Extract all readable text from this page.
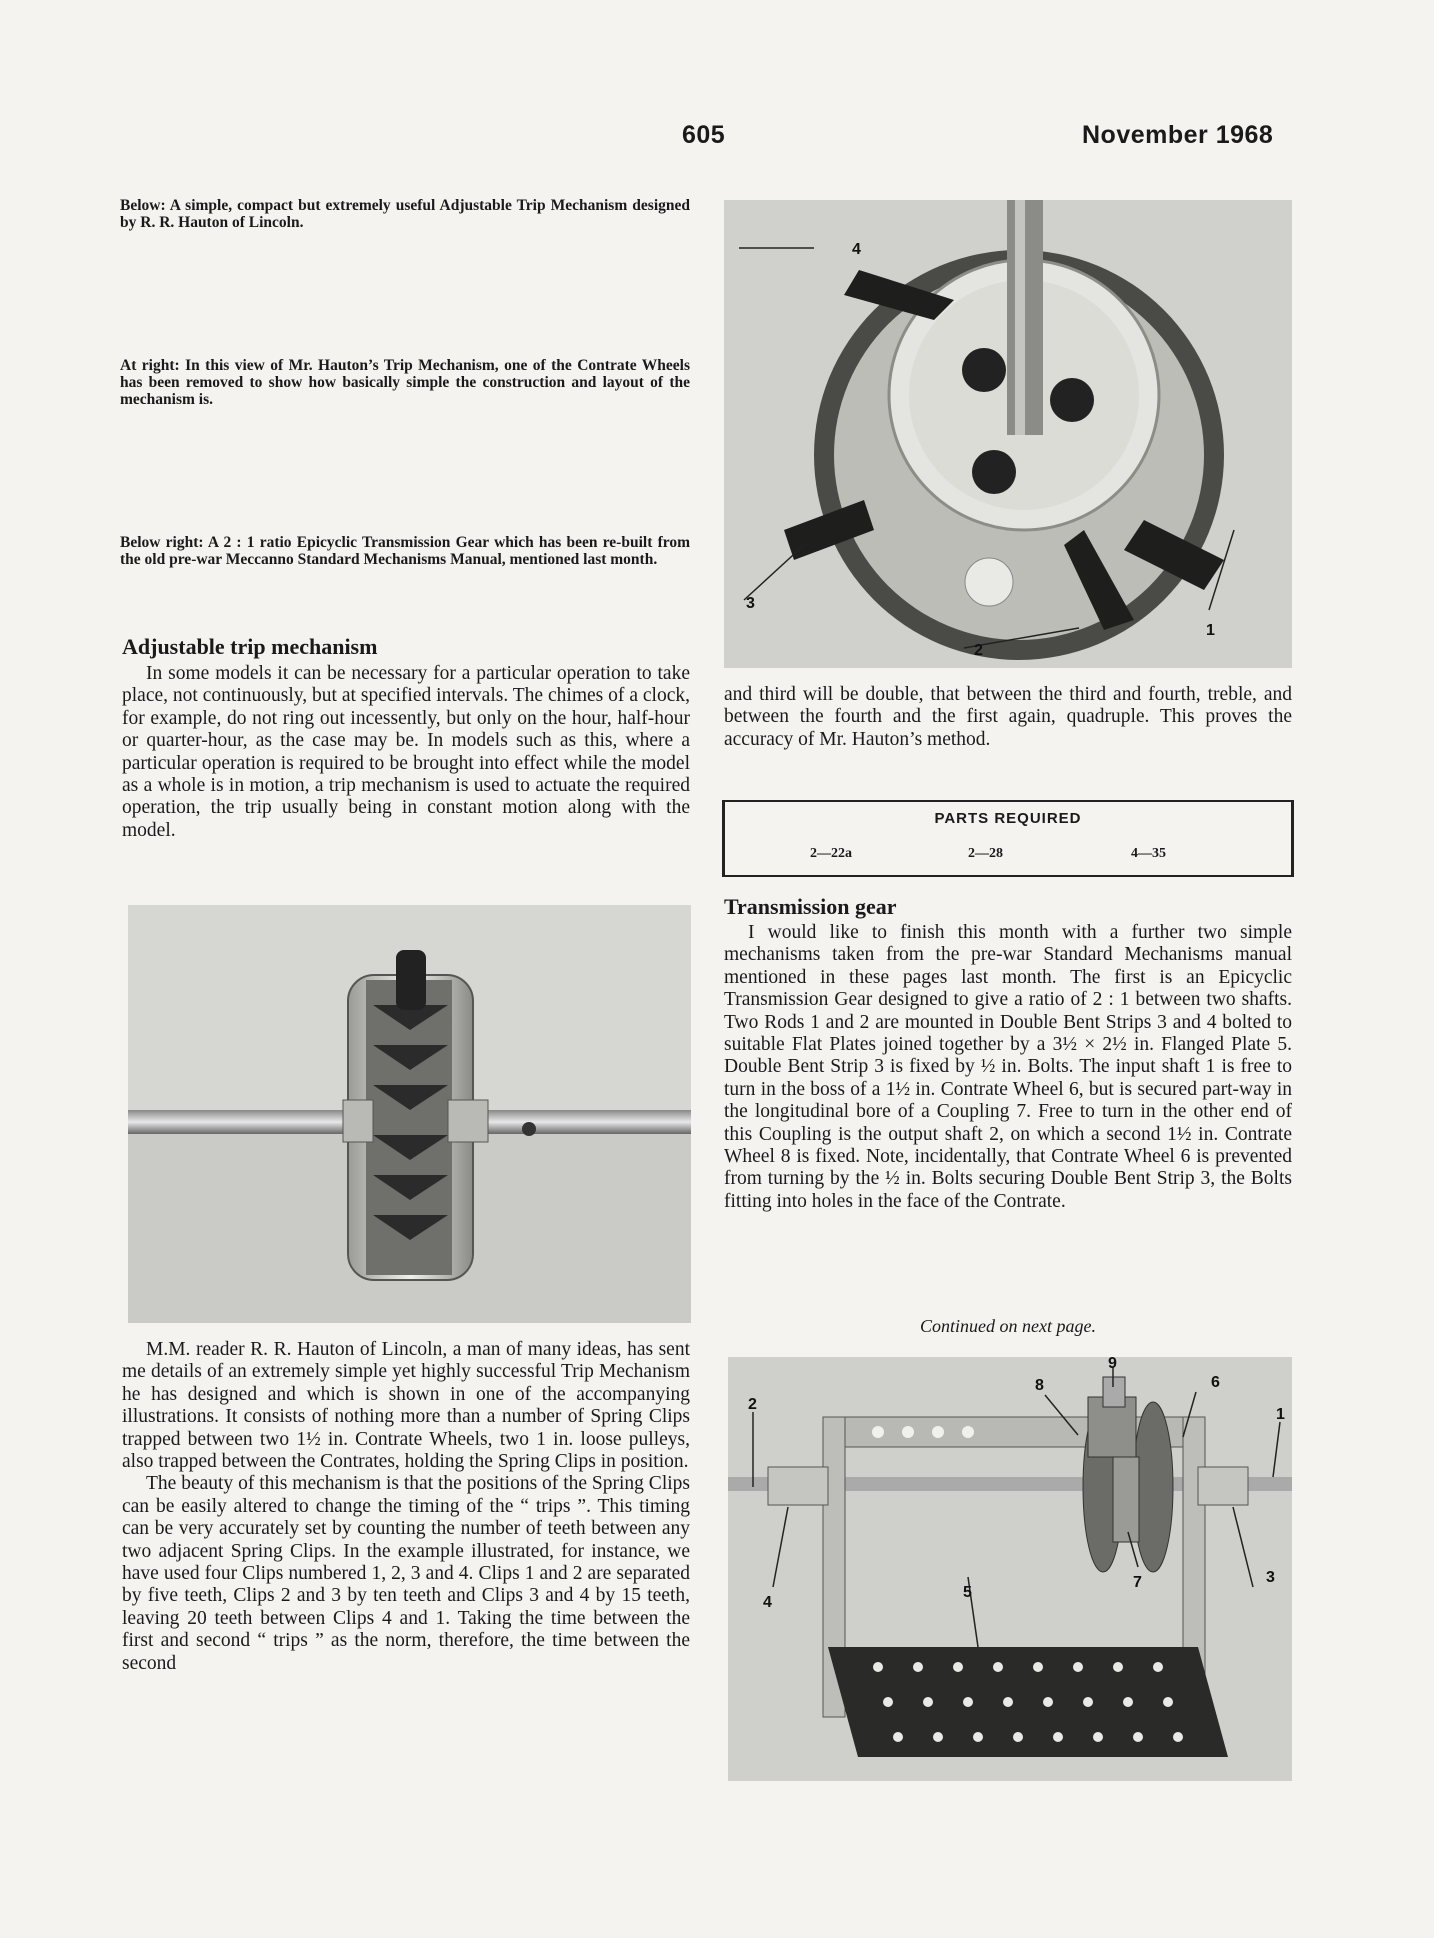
605	November 1968
Below: A simple, compact but extremely useful Adjustable Trip Mechanism designed by R. R. Hauton of Lincoln.
At right: In this view of Mr. Hauton’s Trip Mechanism, one of the Contrate Wheels has been removed to show how basically simple the construction and layout of the mechanism is.
Below right: A 2 : 1 ratio Epicyclic Transmission Gear which has been re-built from the old pre-war Meccanno Standard Mechanisms Manual, mentioned last month.
Adjustable trip mechanism

In some models it can be necessary for a particular operation to take place, not continuously, but at specified intervals. The chimes of a clock, for example, do not ring out incessently, but only on the hour, half-hour or quarter-hour, as the case may be. In models such as this, where a particular operation is required to be brought into effect while the model as a whole is in motion, a trip mechanism is used to actuate the required operation, the trip usually being in constant motion along with the model.

M.M. reader R. R. Hauton of Lincoln, a man of many ideas, has sent me details of an extremely simple yet highly successful Trip Mechanism he has designed and which is shown in one of the accompanying illustrations. It consists of nothing more than a number of Spring Clips trapped between two 1½ in. Contrate Wheels, two 1 in. loose pulleys, also trapped between the Contrates, holding the Spring Clips in position.

The beauty of this mechanism is that the positions of the Spring Clips can be easily altered to change the timing of the “ trips ”. This timing can be very accurately set by counting the number of teeth between any two adjacent Spring Clips. In the example illustrated, for instance, we have used four Clips numbered 1, 2, 3 and 4. Clips 1 and 2 are separated by five teeth, Clips 2 and 3 by ten teeth and Clips 3 and 4 by 15 teeth, leaving 20 teeth between Clips 4 and 1. Taking the time between the first and second “ trips ” as the norm, therefore, the time between the second

4
3
2
1

and third will be double, that between the third and fourth, treble, and between the fourth and the first again, quadruple. This proves the accuracy of Mr. Hauton’s method.

PARTS REQUIRED
2—22a	2—28	4—35
Transmission gear

I would like to finish this month with a further two simple mechanisms taken from the pre-war Standard Mechanisms manual mentioned in these pages last month. The first is an Epicyclic Transmission Gear designed to give a ratio of 2 : 1 between two shafts. Two Rods 1 and 2 are mounted in Double Bent Strips 3 and 4 bolted to suitable Flat Plates joined together by a 3½ × 2½ in. Flanged Plate 5. Double Bent Strip 3 is fixed by ½ in. Bolts. The input shaft 1 is free to turn in the boss of a 1½ in. Contrate Wheel 6, but is secured part-way in the longitudinal bore of a Coupling 7. Free to turn in the other end of this Coupling is the output shaft 2, on which a second 1½ in. Contrate Wheel 8 is fixed. Note, incidentally, that Contrate Wheel 6 is prevented from turning by the ½ in. Bolts securing Double Bent Strip 3, the Bolts fitting into holes in the face of the Contrate.

Continued on next page.
9
8
2
6
1
4
5
7	3
